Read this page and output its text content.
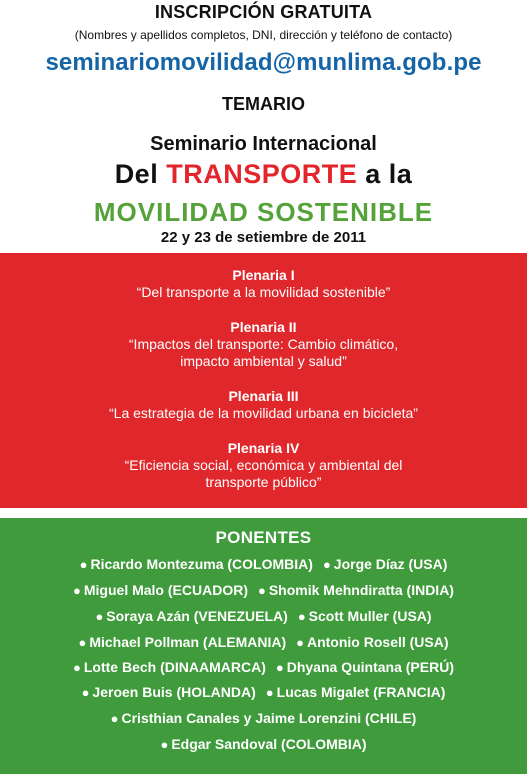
INSCRIPCIÓN GRATUITA
(Nombres y apellidos completos, DNI, dirección y teléfono de contacto)
seminariomovilidad@munlima.gob.pe
TEMARIO
Seminario Internacional
Del TRANSPORTE a la
MOVILIDAD SOSTENIBLE
22 y 23 de setiembre de 2011
Plenaria I
“Del transporte a la movilidad sostenible”
Plenaria II
“Impactos del transporte: Cambio climático,
impacto ambiental y salud”
Plenaria III
“La estrategia de la movilidad urbana en bicicleta”
Plenaria IV
“Eficiencia social, económica y ambiental del
transporte público”
PONENTES
● Ricardo Montezuma (COLOMBIA) ● Jorge Díaz (USA)
● Miguel Malo (ECUADOR) ● Shomik Mehndiratta (INDIA)
● Soraya Azán (VENEZUELA) ● Scott Muller (USA)
● Michael Pollman (ALEMANIA) ● Antonio Rosell (USA)
● Lotte Bech (DINAAMARCA) ● Dhyana Quintana (PERÚ)
● Jeroen Buis (HOLANDA) ● Lucas Migalet (FRANCIA)
● Cristhian Canales y Jaime Lorenzini (CHILE)
● Edgar Sandoval (COLOMBIA)
